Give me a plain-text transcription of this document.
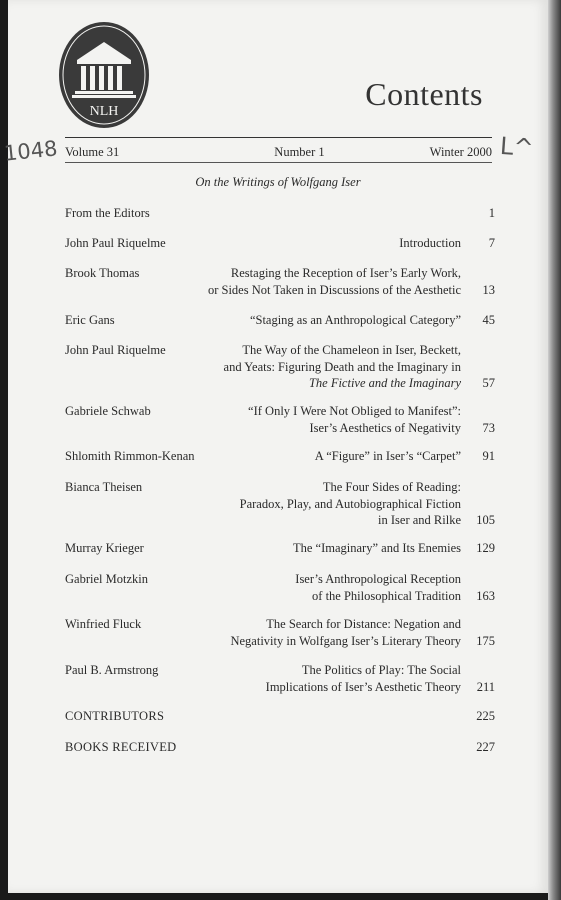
NLH	Contents
Volume 31	Number 1	Winter 2000
On the Writings of Wolfgang Iser
From the Editors	1
John Paul Riquelme	Introduction	7
Brook Thomas	Restaging the Reception of Iser’s Early Work,
or Sides Not Taken in Discussions of the Aesthetic	13
Eric Gans	“Staging as an Anthropological Category”	45
John Paul Riquelme	The Way of the Chameleon in Iser, Beckett,
and Yeats: Figuring Death and the Imaginary in
The Fictive and the Imaginary	57
Gabriele Schwab	“If Only I Were Not Obliged to Manifest”:
Iser’s Aesthetics of Negativity	73
Shlomith Rimmon-Kenan	A “Figure” in Iser’s “Carpet”	91
Bianca Theisen	The Four Sides of Reading:
Paradox, Play, and Autobiographical Fiction
in Iser and Rilke	105
Murray Krieger	The “Imaginary” and Its Enemies	129
Gabriel Motzkin	Iser’s Anthropological Reception
of the Philosophical Tradition	163
Winfried Fluck	The Search for Distance: Negation and
Negativity in Wolfgang Iser’s Literary Theory	175
Paul B. Armstrong	The Politics of Play: The Social
Implications of Iser’s Aesthetic Theory	211
CONTRIBUTORS	225
BOOKS RECEIVED	227
1048	L^
